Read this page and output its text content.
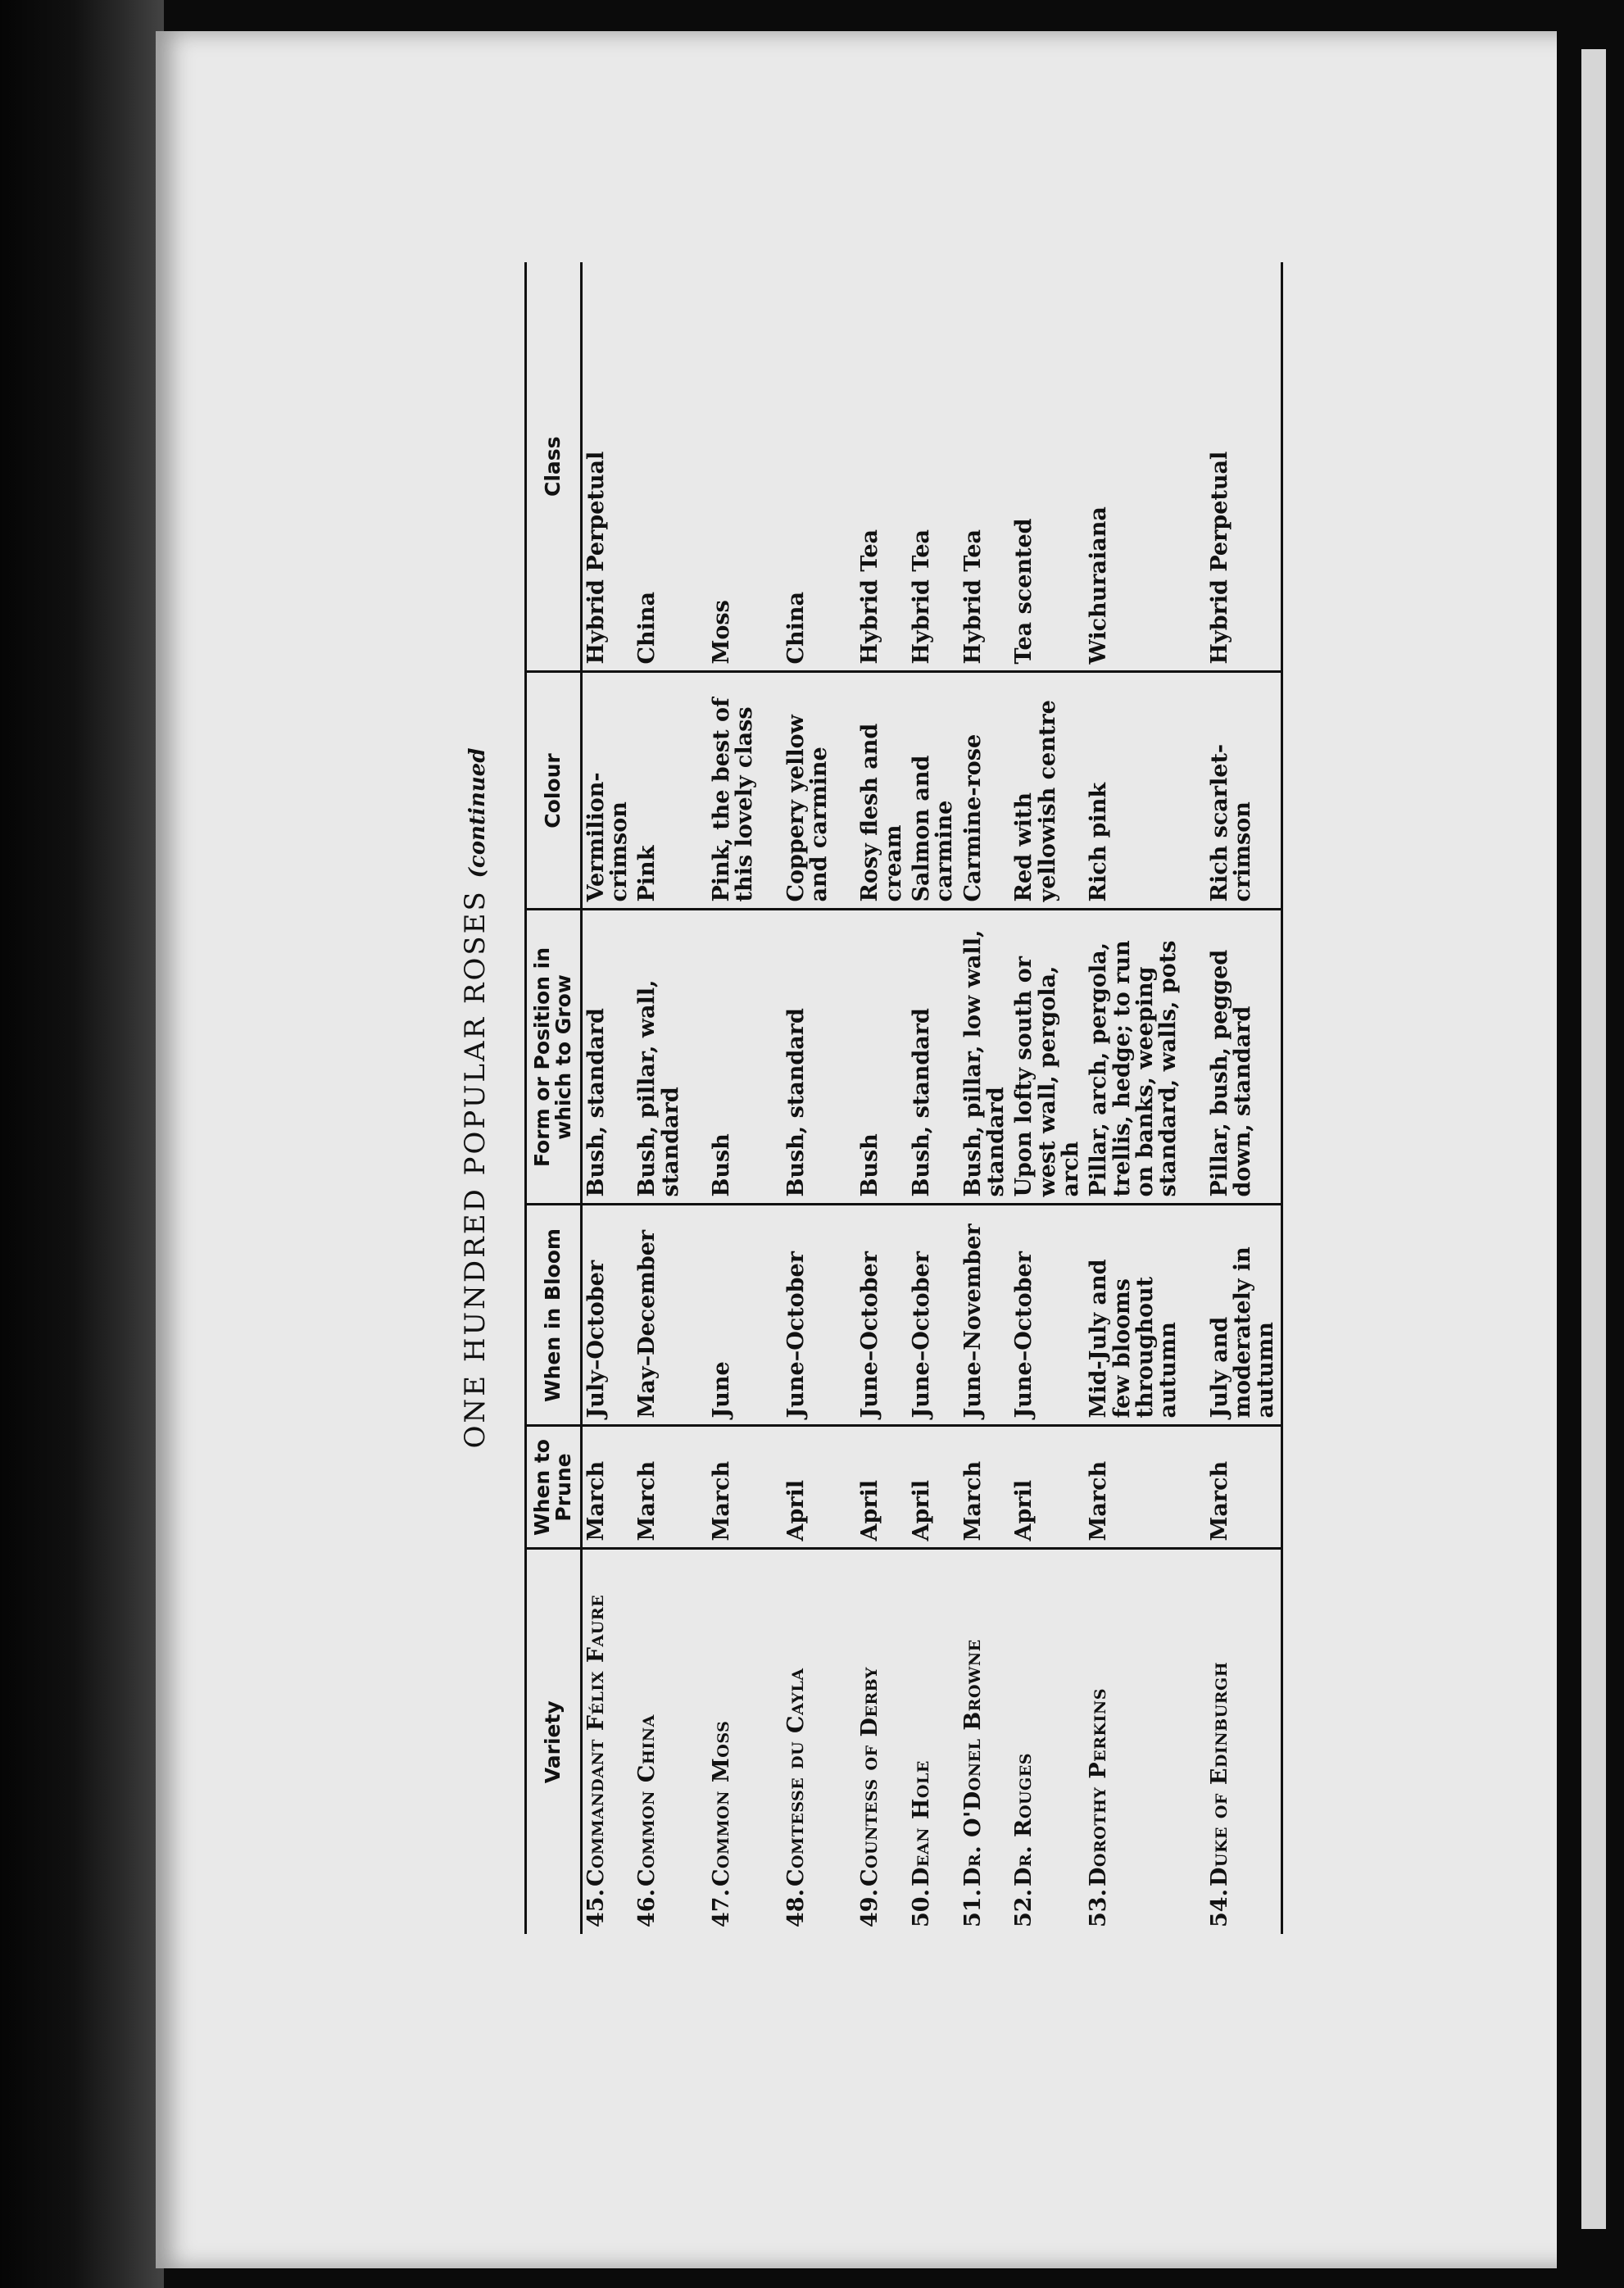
ONE HUNDRED POPULAR ROSES (continued
Variety	When to Prune	When in Bloom	Form or Position in which to Grow	Colour	Class
45.Commandant Félix Faure	March	July–October	Bush, standard	Vermilion-crimson	Hybrid Perpetual
46.Common China	March	May–December	Bush, pillar, wall, standard	Pink	China

47.Common Moss	March	June	Bush	Pink, the best of this lovely class	Moss

48.Comtesse du Cayla	April	June–October	Bush, standard	Coppery yellow and carmine	China

49.Countess of Derby	April	June–October	Bush	Rosy flesh and cream	Hybrid Tea
50.Dean Hole	April	June–October	Bush, standard	Salmon and carmine	Hybrid Tea
51.Dr. O'Donel Browne	March	June–November	Bush, pillar, low wall, standard	Carmine-rose	Hybrid Tea
52.Dr. Rouges	April	June–October	Upon lofty south or west wall, pergola, arch	Red with yellowish centre	Tea scented
53.Dorothy Perkins	March	Mid-July and few blooms throughout autumn	Pillar, arch, pergola, trellis, hedge; to run on banks, weeping standard, walls, pots	Rich pink	Wichuraiana

54.Duke of Edinburgh	March	July and moderately in autumn	Pillar, bush, pegged down, standard	Rich scarlet-crimson	Hybrid Perpetual
